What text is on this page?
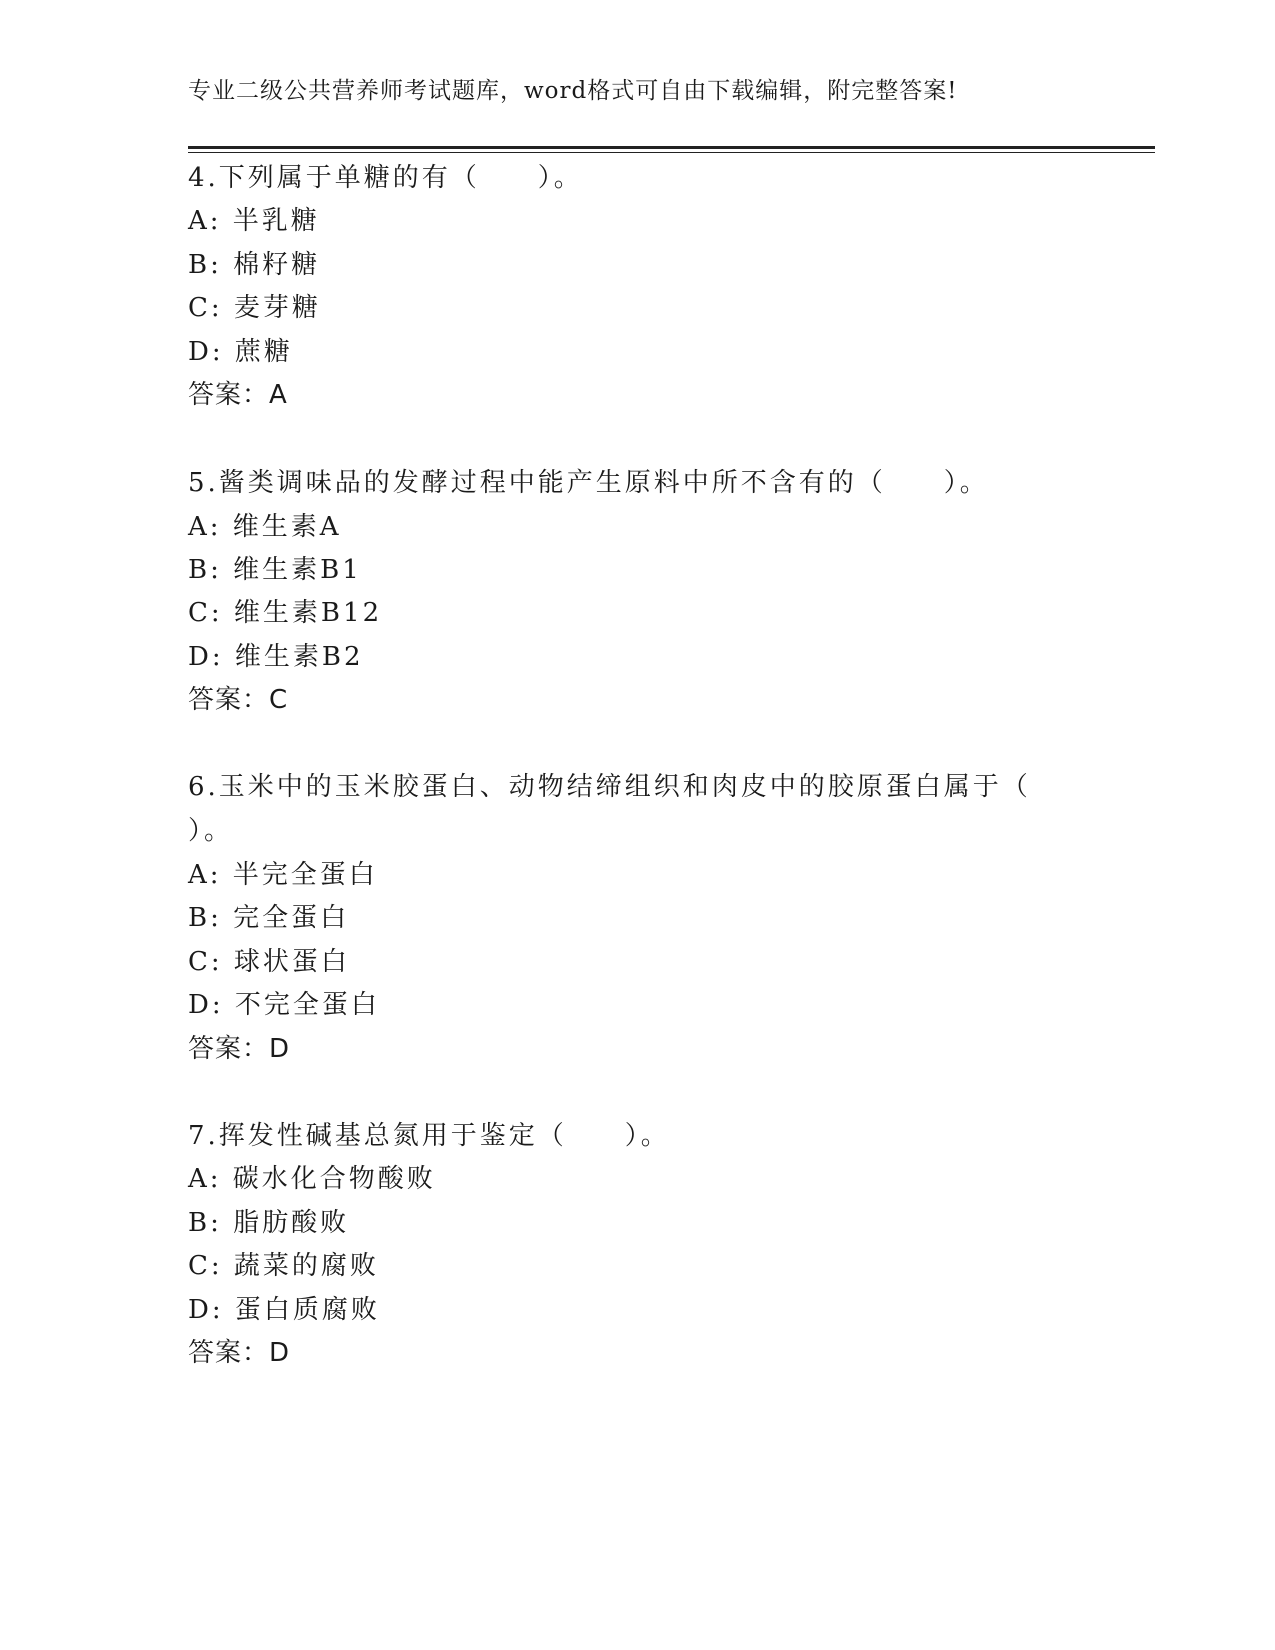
专业二级公共营养师考试题库，word格式可自由下载编辑，附完整答案!
4.下列属于单糖的有（　　）。
A: 半乳糖
B: 棉籽糖
C: 麦芽糖
D: 蔗糖
答案：A
5.酱类调味品的发酵过程中能产生原料中所不含有的（　　）。
A: 维生素A
B: 维生素B1
C: 维生素B12
D: 维生素B2
答案：C
6.玉米中的玉米胶蛋白、动物结缔组织和肉皮中的胶原蛋白属于（
）。
A: 半完全蛋白
B: 完全蛋白
C: 球状蛋白
D: 不完全蛋白
答案：D
7.挥发性碱基总氮用于鉴定（　　）。
A: 碳水化合物酸败
B: 脂肪酸败
C: 蔬菜的腐败
D: 蛋白质腐败
答案：D
